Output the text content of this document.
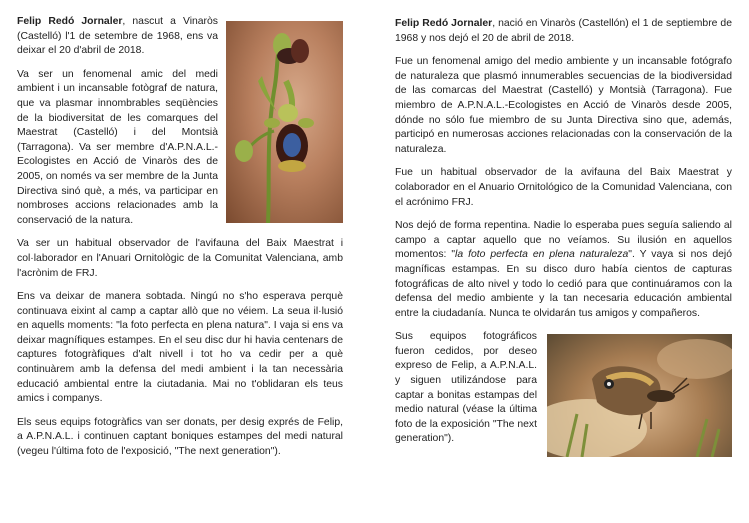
Felip Redó Jornaler, nascut a Vinaròs (Castelló) l'1 de setembre de 1968, ens va deixar el 20 d'abril de 2018.

Va ser un fenomenal amic del medi ambient i un incansable fotògraf de natura, que va plasmar innombrables seqüències de la biodiversitat de les comarques del Maestrat (Castelló) i del Montsià (Tarragona). Va ser membre d'A.P.N.A.L.-Ecologistes en Acció de Vinaròs des de 2005, on només va ser membre de la Junta Directiva sinó què, a més, va participar en nombroses accions relacionades amb la conservació de la natura.

Va ser un habitual observador de l'avifauna del Baix Maestrat i col·laborador en l'Anuari Ornitològic de la Comunitat Valenciana, amb l'acrònim de FRJ.

Ens va deixar de manera sobtada. Ningú no s'ho esperava perquè continuava eixint al camp a captar allò que no véiem. La seua il·lusió en aquells moments: "la foto perfecta en plena natura". I vaja si ens va deixar magnífiques estampes. En el seu disc dur hi havia centenars de captures fotogràfiques d'alt nivell i tot ho va cedir per a què continuàrem amb la defensa del medi ambient i la tan necessària educació ambiental entre la ciutadania. Mai no t'oblidaran els teus amics i companys.

Els seus equips fotogràfics van ser donats, per desig exprés de Felip, a A.P.N.A.L. i continuen captant boniques estampes del medi natural (vegeu l'última foto de l'exposició, "The next generation").

Felip Redó Jornaler, nació en Vinaròs (Castellón) el 1 de septiembre de 1968 y nos dejó el 20 de abril de 2018.

Fue un fenomenal amigo del medio ambiente y un incansable fotógrafo de naturaleza que plasmó innumerables secuencias de la biodiversidad de las comarcas del Maestrat (Castelló) y Montsià (Tarragona). Fue miembro de A.P.N.A.L.-Ecologistes en Acció de Vinaròs desde 2005, dónde no sólo fue miembro de su Junta Directiva sino que, además, participó en numerosas acciones relacionadas con la conservación de la naturaleza.

Fue un habitual observador de la avifauna del Baix Maestrat y colaborador en el Anuario Ornitológico de la Comunidad Valenciana, con el acrónimo FRJ.

Nos dejó de forma repentina. Nadie lo esperaba pues seguía saliendo al campo a captar aquello que no veíamos. Su ilusión en aquellos momentos: "la foto perfecta en plena naturaleza". Y vaya si nos dejó magníficas estampas. En su disco duro había cientos de capturas fotográficas de alto nivel y todo lo cedió para que continuáramos con la defensa del medio ambiente y la tan necesaria educación ambiental entre la ciudadanía. Nunca te olvidarán tus amigos y compañeros.

Sus equipos fotográficos fueron cedidos, por deseo expreso de Felip, a A.P.N.A.L. y siguen utilizándose para captar a bonitas estampas del medio natural (véase la última foto de la exposición "The next generation").
